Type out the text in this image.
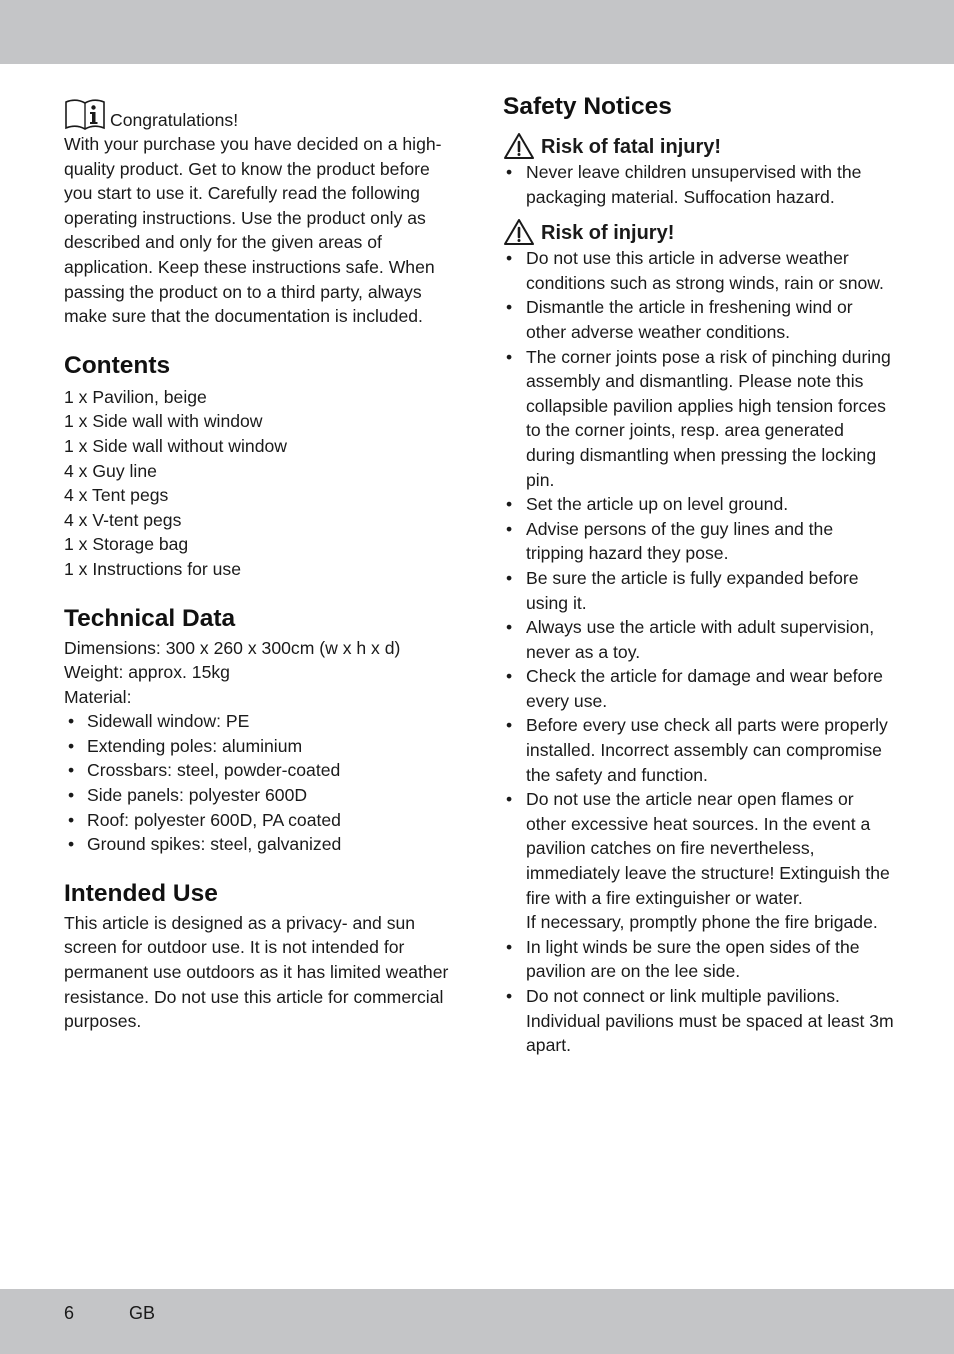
Congratulations!

With your purchase you have decided on a high-quality product. Get to know the product before you start to use it. Carefully read the following operating instructions. Use the product only as described and only for the given areas of application. Keep these instructions safe. When passing the product on to a third party, always make sure that the documentation is included.

Contents
1 x Pavilion, beige
1 x Side wall with window
1 x Side wall without window
4 x Guy line
4 x Tent pegs
4 x V-tent pegs
1 x Storage bag
1 x Instructions for use
Technical Data

Dimensions: 300 x 260 x 300cm (w x h x d)

Weight: approx. 15kg

Material:

• Sidewall window: PE
• Extending poles: aluminium
• Crossbars: steel, powder-coated
• Side panels: polyester 600D
• Roof: polyester 600D, PA coated
• Ground spikes: steel, galvanized
Intended Use

This article is designed as a privacy- and sun screen for outdoor use. It is not intended for permanent use outdoors as it has limited weather resistance. Do not use this article for commercial purposes.

Safety Notices
Risk of fatal injury!
• Never leave children unsupervised with the packaging material. Suffocation hazard.
Risk of injury!
• Do not use this article in adverse weather conditions such as strong winds, rain or snow.
• Dismantle the article in freshening wind or other adverse weather conditions.
• The corner joints pose a risk of pinching during assembly and dismantling. Please note this collapsible pavilion applies high tension forces to the corner joints, resp. area generated during dismantling when pressing the locking pin.
• Set the article up on level ground.
• Advise persons of the guy lines and the tripping hazard they pose.
• Be sure the article is fully expanded before using it.
• Always use the article with adult supervision, never as a toy.
• Check the article for damage and wear before every use.
• Before every use check all parts were properly installed. Incorrect assembly can compromise the safety and function.
• Do not use the article near open flames or other excessive heat sources. In the event a pavilion catches on fire nevertheless, immediately leave the structure! Extinguish the fire with a fire extinguisher or water.
If necessary, promptly phone the fire brigade.
• In light winds be sure the open sides of the pavilion are on the lee side.
• Do not connect or link multiple pavilions. Individual pavilions must be spaced at least 3m apart.
6	GB
